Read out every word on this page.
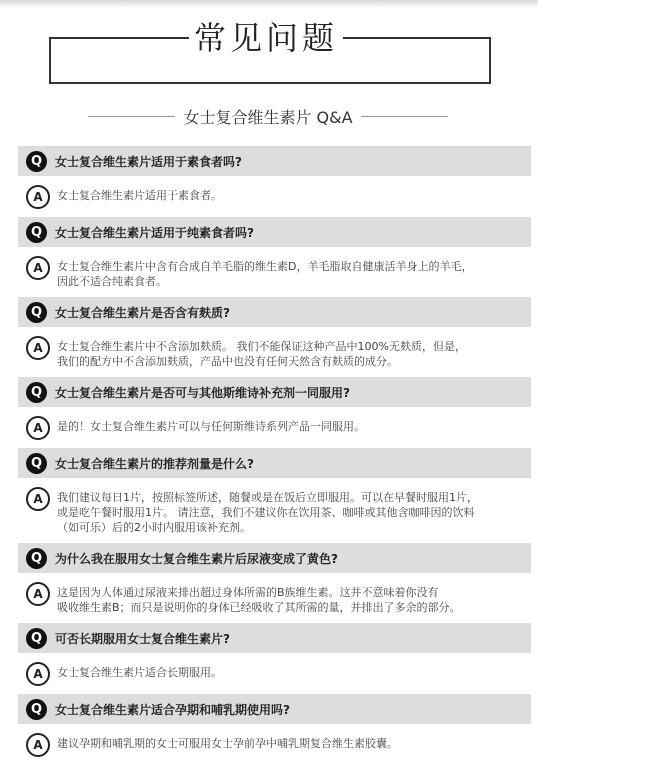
常见问题
女士复合维生素片 Q&A
Q	女士复合维生素片适用于素食者吗?
A	女士复合维生素片适用于素食者。
Q	女士复合维生素片适用于纯素食者吗?
A	女士复合维生素片中含有合成自羊毛脂的维生素D，羊毛脂取自健康活羊身上的羊毛，
因此不适合纯素食者。
Q	女士复合维生素片是否含有麸质?
A	女士复合维生素片中不含添加麸质。 我们不能保证这种产品中100%无麸质，但是，
我们的配方中不含添加麸质，产品中也没有任何天然含有麸质的成分。
Q	女士复合维生素片是否可与其他斯维诗补充剂一同服用?
A	是的！女士复合维生素片可以与任何斯维诗系列产品一同服用。
Q	女士复合维生素片的推荐剂量是什么?
A	我们建议每日1片，按照标签所述，随餐或是在饭后立即服用。可以在早餐时服用1片，
或是吃午餐时服用1片。 请注意，我们不建议你在饮用茶、咖啡或其他含咖啡因的饮料
（如可乐）后的2小时内服用该补充剂。
Q	为什么我在服用女士复合维生素片后尿液变成了黄色?
A	这是因为人体通过尿液来排出超过身体所需的B族维生素。这并不意味着你没有
吸收维生素B；而只是说明你的身体已经吸收了其所需的量，并排出了多余的部分。
Q	可否长期服用女士复合维生素片?
A	女士复合维生素片适合长期服用。
Q	女士复合维生素片适合孕期和哺乳期使用吗?
A	建议孕期和哺乳期的女士可服用女士孕前孕中哺乳期复合维生素胶囊。
